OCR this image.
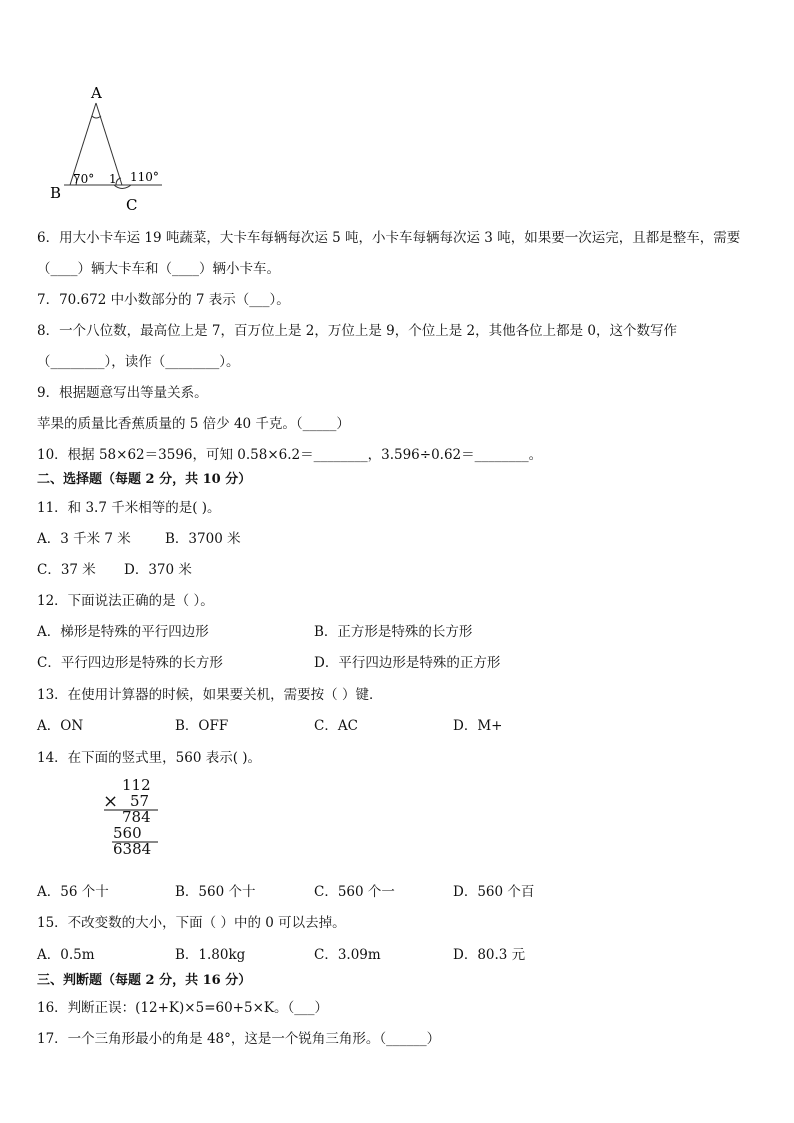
A
B
C
70° 1 110°
6．用大小卡车运 19 吨蔬菜，大卡车每辆每次运 5 吨，小卡车每辆每次运 3 吨，如果要一次运完，且都是整车，需要
（____）辆大卡车和（____）辆小卡车。
7．70.672 中小数部分的 7 表示（___）。
8．一个八位数，最高位上是 7，百万位上是 2，万位上是 9，个位上是 2，其他各位上都是 0，这个数写作
（________），读作（________）。
9．根据题意写出等量关系。
苹果的质量比香蕉质量的 5 倍少 40 千克。（_____）
10．根据 58×62＝3596，可知 0.58×6.2＝________，3.596÷0.62＝________。
二、选择题（每题 2 分，共 10 分）
11．和 3.7 千米相等的是( )。
A．3 千米 7 米	B．3700 米
C．37 米 D．370 米
12．下面说法正确的是（ ）。
A．梯形是特殊的平行四边形	B．正方形是特殊的长方形
C．平行四边形是特殊的长方形	D．平行四边形是特殊的正方形
13．在使用计算器的时候，如果要关机，需要按（ ）键．
A．ON	B．OFF	C．AC	D．M+
14．在下面的竖式里，560 表示( )。
112
× 57
784
560
6384
A．56 个十	B．560 个十	C．560 个一	D．560 个百
15．不改变数的大小，下面（ ）中的 0 可以去掉。
A．0.5m	B．1.80kg	C．3.09m	D．80.3 元
三、判断题（每题 2 分，共 16 分）
16．判断正误：(12+K)×5=60+5×K。（___）
17．一个三角形最小的角是 48°，这是一个锐角三角形。（______）
